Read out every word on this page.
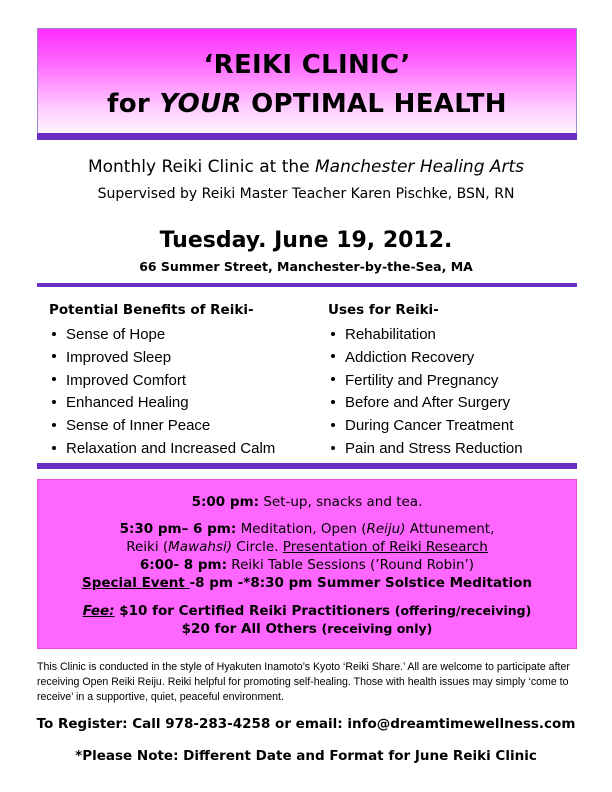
‘REIKI CLINIC’
for YOUR OPTIMAL HEALTH
Monthly Reiki Clinic at the Manchester Healing Arts
Supervised by Reiki Master Teacher Karen Pischke, BSN, RN
Tuesday. June 19, 2012.
66 Summer Street, Manchester-by-the-Sea, MA
Potential Benefits of Reiki-
Sense of Hope
Improved Sleep
Improved Comfort
Enhanced Healing
Sense of Inner Peace
Relaxation and Increased Calm
Uses for Reiki-
Rehabilitation
Addiction Recovery
Fertility and Pregnancy
Before and After Surgery
During Cancer Treatment
Pain and Stress Reduction
5:00 pm: Set-up, snacks and tea.
5:30 pm– 6 pm: Meditation, Open (Reiju) Attunement,
Reiki (Mawahsi) Circle. Presentation of Reiki Research
6:00- 8 pm: Reiki Table Sessions (’Round Robin’)
Special Event -8 pm -*8:30 pm Summer Solstice Meditation
Fee: $10 for Certified Reiki Practitioners (offering/receiving)
$20 for All Others (receiving only)
This Clinic is conducted in the style of Hyakuten Inamoto’s Kyoto ‘Reiki Share.’ All are welcome to participate after receiving Open Reiki Reiju. Reiki helpful for promoting self-healing. Those with health issues may simply ‘come to receive’ in a supportive, quiet, peaceful environment.
To Register: Call 978-283-4258 or email: info@dreamtimewellness.com
*Please Note: Different Date and Format for June Reiki Clinic
